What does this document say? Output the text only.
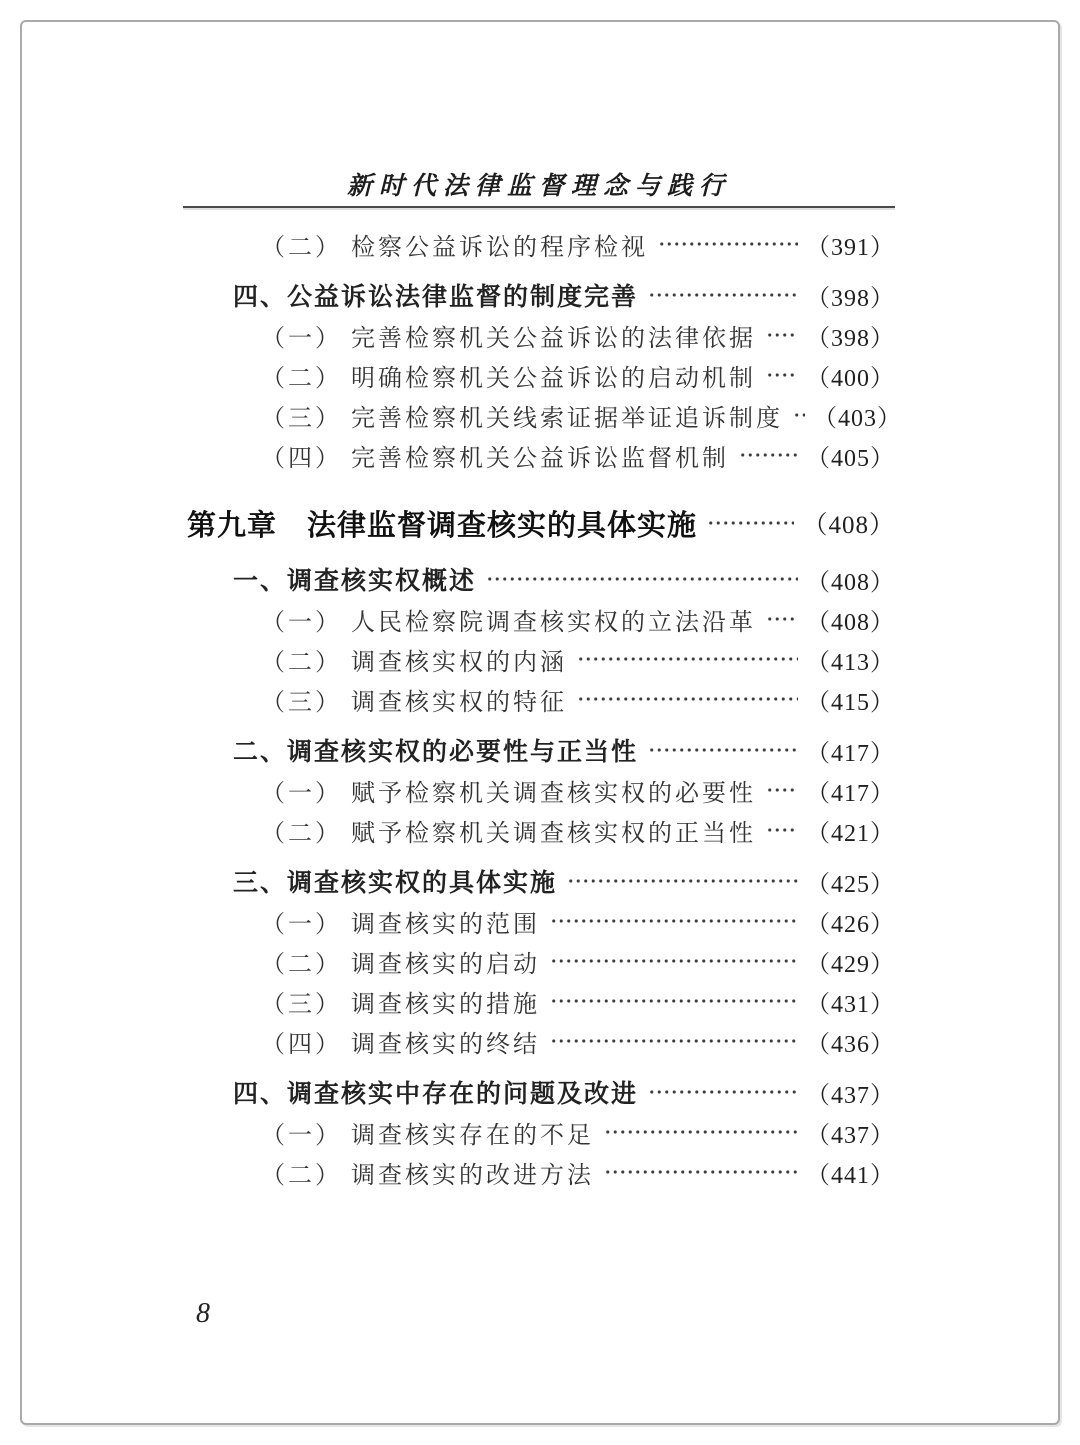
新时代法律监督理念与践行
（二） 检察公益诉讼的程序检视	（391）
四、公益诉讼法律监督的制度完善	（398）
（一） 完善检察机关公益诉讼的法律依据 （398）
（二） 明确检察机关公益诉讼的启动机制 （400）
（三） 完善检察机关线索证据举证追诉制度 （403）
（四） 完善检察机关公益诉讼监督机制	（405）
第九章　法律监督调查核实的具体实施	（408）
一、调查核实权概述	（408）
（一） 人民检察院调查核实权的立法沿革 （408）
（二） 调查核实权的内涵	（413）
（三） 调查核实权的特征	（415）
二、调查核实权的必要性与正当性	（417）
（一） 赋予检察机关调查核实权的必要性 （417）
（二） 赋予检察机关调查核实权的正当性 （421）
三、调查核实权的具体实施	（425）
（一） 调查核实的范围	（426）
（二） 调查核实的启动	（429）
（三） 调查核实的措施	（431）
（四） 调查核实的终结	（436）
四、调查核实中存在的问题及改进	（437）
（一） 调查核实存在的不足	（437）
（二） 调查核实的改进方法	（441）
8
